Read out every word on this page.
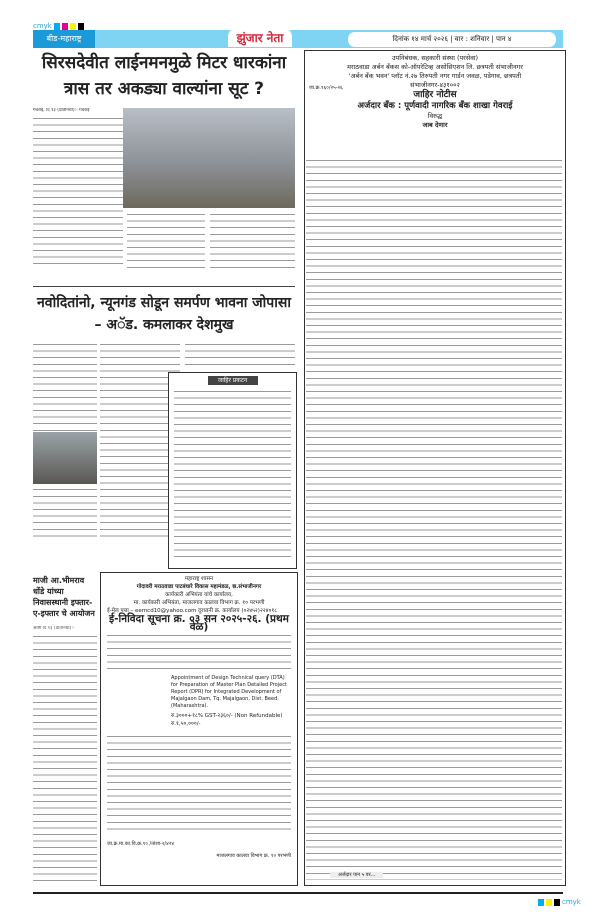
cmyk
बीड-महाराष्ट्र	झुंजार नेता	दिनांक १४ मार्च २०२६ | वार : शनिवार | पान ४
सिरसदेवीत लाईनमनमुळे मिटर धारकांना त्रास तर अकड्या वाल्यांना सूट ?
गेवराई, दि १३ (प्रतिनिधी):- गेवराई
नवोदितांनो, न्यूनगंड सोडून समर्पण भावना जोपासा – अॅड. कमलाकर देशमुख
जाहिर प्रकटन
माजी आ.भीमराव धोंडे यांच्या निवासस्थानी इफ्तार-ए-इफ्तार चे आयोजन
आष्टी दि १३ (प्रतिनिधी):-
महाराष्ट्र शासन
गोदावरी मराठवाडा पाटबंधारे विकास महामंडळ, छ.संभाजीनगर
कार्यकारी अभियंता यांचे कार्यालय,
मा. कार्यकारी अभियंता, माजलगाव कालवा विभाग क्र. १० परभणी
ई-मेल पत्ता – eemcd10@yahoo.com दूरध्वनी क्र. कार्यालय (०२४५२)२२४०१८
ई-निविदा सूचना क्र. ०३ सन २०२५-२६. (प्रथम वेळ)
Appointment of Design Technical query (DTA) for Preparation of Master Plan Detailed Project Report (DPR) for Integrated Development of Majalgaon Dam, Tq. Majalgaon, Dist. Beed. (Maharashtra).
रु.३०००+१८% GST-२३६०/- (Non Refundable)
रु.१,५०,०००/-
जा.क्र.मा.का.वि.क्र.१० /तांशा-२/४२४
माजलगाव कालवा विभाग क्र. १० परभणी
उपनिबंधक, सहकारी संस्था (परसेवा)
मराठवाडा अर्बन बँकस को-ऑपरेटिव्ह असोसिएशन लि. छत्रपती संभाजीनगर
'अर्बन बँक भवन' प्लॉट नं.२७ तिरुपती नगर गार्डन जवळ, पडेगाव, छत्रपती
संभाजीनगर-४३१००२
जा.क्र.१६०/२५-२६
जाहिर नोटीस
अर्जदार बँक : पूर्णवादी नागरिक बँक शाखा गेवराई
विरुद्ध
जाब देणार
अर्जदार पान ५ वर...
cmyk
